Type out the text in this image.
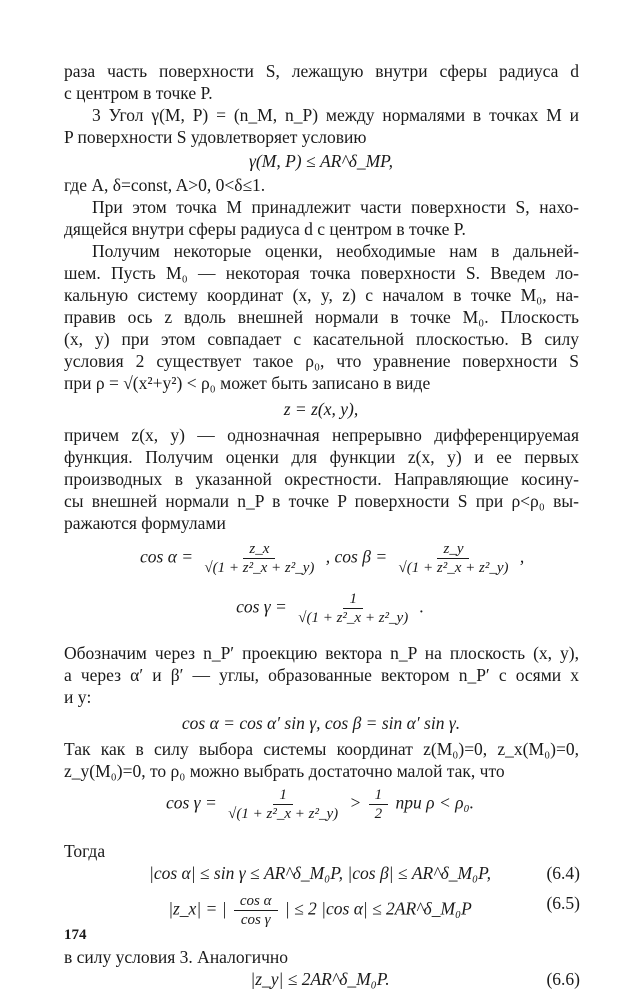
раза часть поверхности S, лежащую внутри сферы радиуса d
с центром в точке P.
3 Угол γ(M, P) = (n_M, n_P) между нормалями в точках M и
P поверхности S удовлетворяет условию
γ(M, P) ≤ AR^δ_MP,
где A, δ=const, A>0, 0<δ≤1.
При этом точка M принадлежит части поверхности S, нахо-
дящейся внутри сферы радиуса d с центром в точке P.
Получим некоторые оценки, необходимые нам в дальней-
шем. Пусть M₀ — некоторая точка поверхности S. Введем ло-
кальную систему координат (x, y, z) с началом в точке M₀, на-
правив ось z вдоль внешней нормали в точке M₀. Плоскость
(x, y) при этом совпадает с касательной плоскостью. В силу
условия 2 существует такое ρ₀, что уравнение поверхности S
при ρ = √(x²+y²) < ρ₀ может быть записано в виде
z = z(x, y),
причем z(x, y) — однозначная непрерывно дифференцируемая
функция. Получим оценки для функции z(x, y) и ее первых
производных в указанной окрестности. Направляющие косину-
сы внешней нормали n_P в точке P поверхности S при ρ<ρ₀ вы-
ражаются формулами
$\cos \alpha = \frac{z\_x}{\text{√(1 + z²\_x + z²\_y)}}$ , $\cos \beta = \frac{z\_y}{\text{√(1 + z²\_x + z²\_y)}}$ ,
$\cos \gamma = \frac{1}{\text{√(1 + z²\_x + z²\_y)}}$ .
Обозначим через n_P′ проекцию вектора n_P на плоскость (x, y),
а через α′ и β′ — углы, образованные вектором n_P′ с осями x
и y:
cos α = cos α′ sin γ, cos β = sin α′ sin γ.
Так как в силу выбора системы координат z(M₀)=0, z_x(M₀)=0,
z_y(M₀)=0, то ρ₀ можно выбрать достаточно малой так, что
$\cos \gamma = \frac{1}{\text{√(1 + z²\_x + z²\_y)}} > \frac{1}{2}$ при ρ < ρ₀.
Тогда
|cos α| ≤ sin γ ≤ AR^δ_M₀P, |cos β| ≤ AR^δ_M₀P,	(6.4)
|z_x| = | $\frac{\text{cos α}}{\text{cos γ}}$ | ≤ 2 |cos α| ≤ 2AR^δ_M₀P	(6.5)
174
в силу условия 3. Аналогично
|z_y| ≤ 2AR^δ_M₀P.	(6.6)
